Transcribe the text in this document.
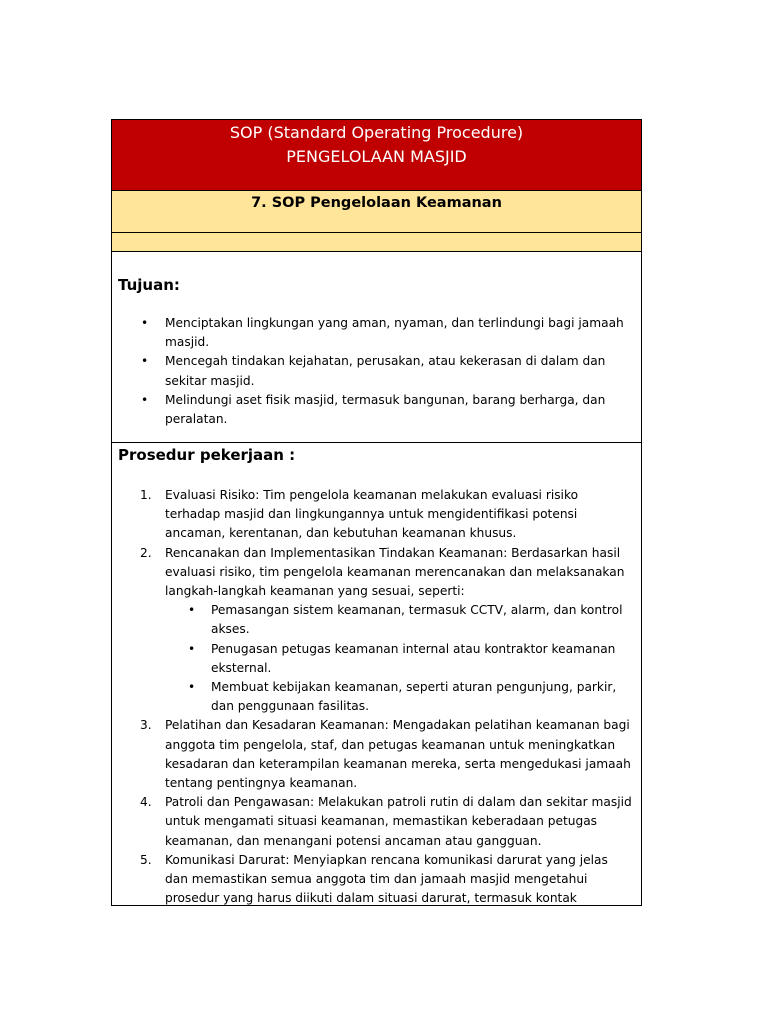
SOP (Standard Operating Procedure)
PENGELOLAAN MASJID
7. SOP Pengelolaan Keamanan

Tujuan:

• Menciptakan lingkungan yang aman, nyaman, dan terlindungi bagi jamaah masjid.
• Mencegah tindakan kejahatan, perusakan, atau kekerasan di dalam dan sekitar masjid.
• Melindungi aset fisik masjid, termasuk bangunan, barang berharga, dan peralatan.

Prosedur pekerjaan :

1. Evaluasi Risiko: Tim pengelola keamanan melakukan evaluasi risiko terhadap masjid dan lingkungannya untuk mengidentifikasi potensi ancaman, kerentanan, dan kebutuhan keamanan khusus.
2. Rencanakan dan Implementasikan Tindakan Keamanan: Berdasarkan hasil evaluasi risiko, tim pengelola keamanan merencanakan dan melaksanakan langkah-langkah keamanan yang sesuai, seperti:
• Pemasangan sistem keamanan, termasuk CCTV, alarm, dan kontrol akses.
• Penugasan petugas keamanan internal atau kontraktor keamanan eksternal.
• Membuat kebijakan keamanan, seperti aturan pengunjung, parkir, dan penggunaan fasilitas.
3. Pelatihan dan Kesadaran Keamanan: Mengadakan pelatihan keamanan bagi anggota tim pengelola, staf, dan petugas keamanan untuk meningkatkan kesadaran dan keterampilan keamanan mereka, serta mengedukasi jamaah tentang pentingnya keamanan.
4. Patroli dan Pengawasan: Melakukan patroli rutin di dalam dan sekitar masjid untuk mengamati situasi keamanan, memastikan keberadaan petugas keamanan, dan menangani potensi ancaman atau gangguan.
5. Komunikasi Darurat: Menyiapkan rencana komunikasi darurat yang jelas dan memastikan semua anggota tim dan jamaah masjid mengetahui prosedur yang harus diikuti dalam situasi darurat, termasuk kontak
